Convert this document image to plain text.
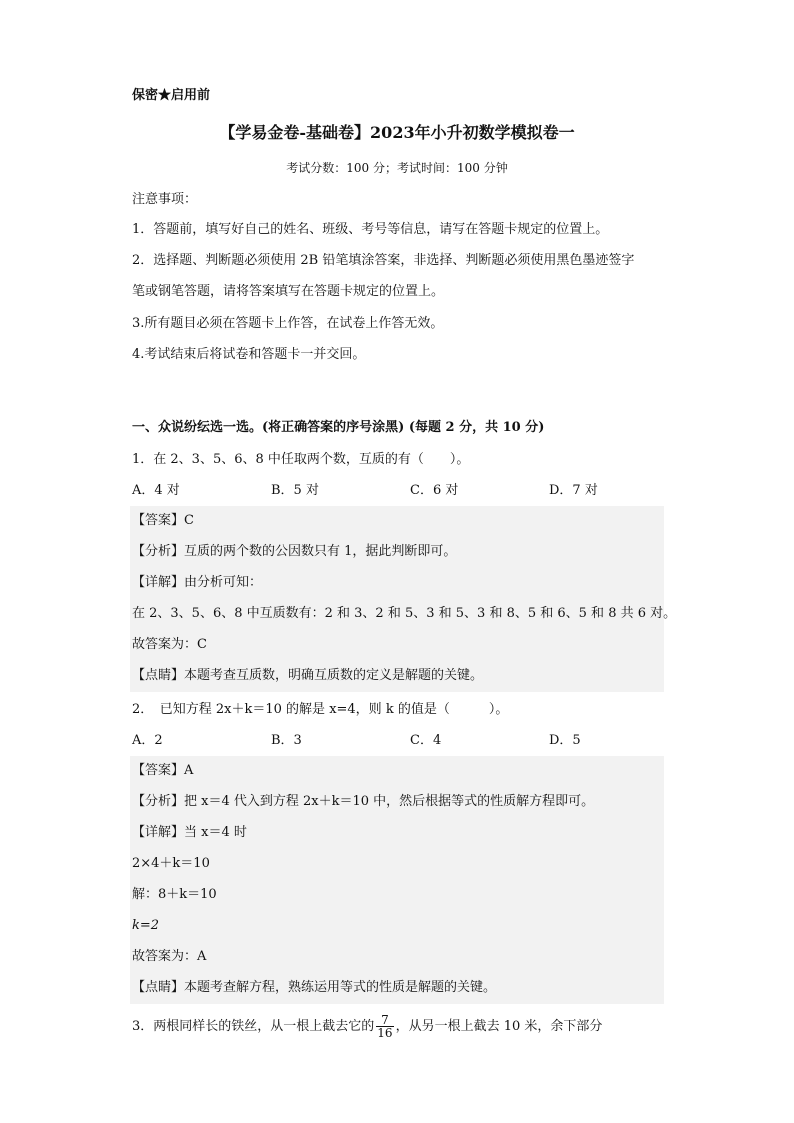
保密★启用前
【学易金卷-基础卷】2023年小升初数学模拟卷一
考试分数：100 分；考试时间：100 分钟
注意事项：
1．答题前，填写好自己的姓名、班级、考号等信息，请写在答题卡规定的位置上。
2．选择题、判断题必须使用 2B 铅笔填涂答案，非选择、判断题必须使用黑色墨迹签字
笔或钢笔答题，请将答案填写在答题卡规定的位置上。
3.所有题目必须在答题卡上作答，在试卷上作答无效。
4.考试结束后将试卷和答题卡一并交回。
一、众说纷纭选一选。(将正确答案的序号涂黑) (每题 2 分，共 10 分)
1．在 2、3、5、6、8 中任取两个数，互质的有（　　）。
A．4 对	B．5 对	C．6 对	D．7 对
【答案】C
【分析】互质的两个数的公因数只有 1，据此判断即可。
【详解】由分析可知：
在 2、3、5、6、8 中互质数有：2 和 3、2 和 5、3 和 5、3 和 8、5 和 6、5 和 8 共 6 对。
故答案为：C
【点睛】本题考查互质数，明确互质数的定义是解题的关键。
2．　已知方程 2x＋k＝10 的解是 x=4，则 k 的值是（　　　）。
A．2	B．3	C．4	D．5
【答案】A
【分析】把 x＝4 代入到方程 2x＋k＝10 中，然后根据等式的性质解方程即可。
【详解】当 x＝4 时
2×4＋k＝10
解：8＋k＝10
k=2
故答案为：A
【点睛】本题考查解方程，熟练运用等式的性质是解题的关键。
3．两根同样长的铁丝，从一根上截去它的 $\frac{7}{16}$ ，从另一根上截去 10 米，余下部分
